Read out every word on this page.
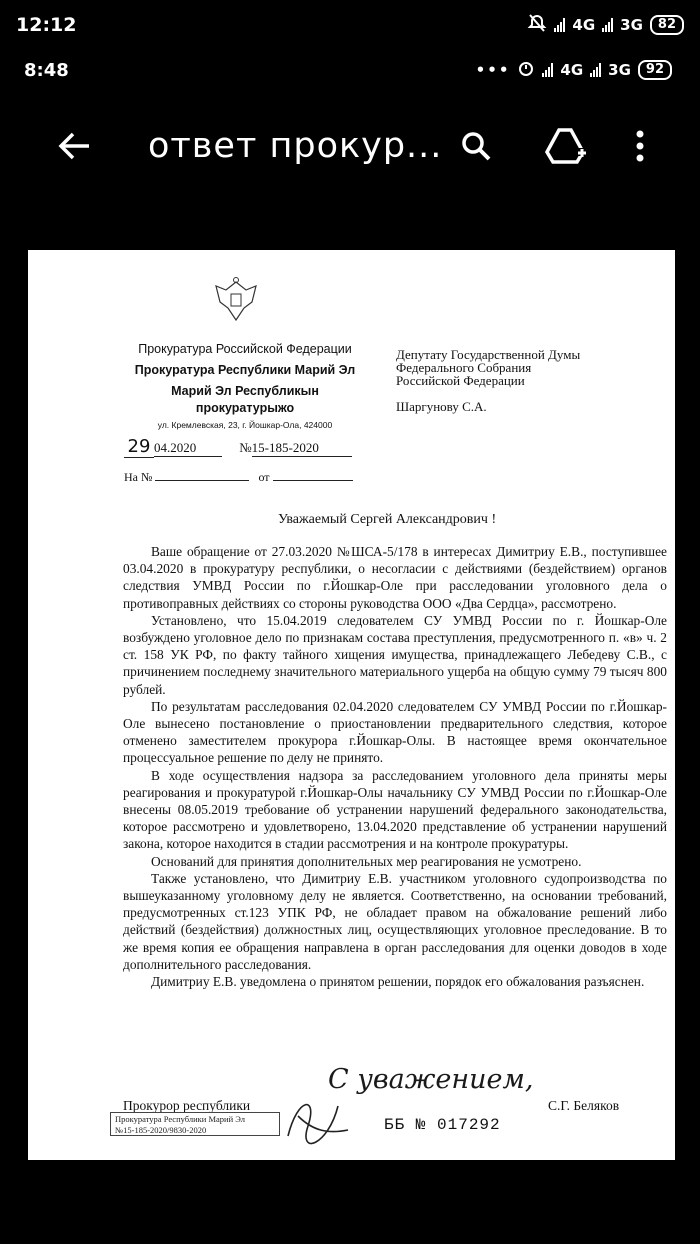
12:12	4G 3G	82
8:48	•••	4G 3G	92
ответ прокур...
Прокуратура Российской Федерации
Прокуратура Республики Марий Эл
Марий Эл Республикын
прокуратурыжо
ул. Кремлевская, 23, г. Йошкар-Ола, 424000
29 04.2020	№15-185-2020
На №	от
Депутату Государственной Думы
Федерального Собрания
Российской Федерации
Шаргунову С.А.
Уважаемый Сергей Александрович !

Ваше обращение от 27.03.2020 №ШСА-5/178 в интересах Димитриу Е.В., поступившее 03.04.2020 в прокуратуру республики, о несогласии с действиями (бездействием) органов следствия УМВД России по г.Йошкар-Оле при расследовании уголовного дела о противоправных действиях со стороны руководства ООО «Два Сердца», рассмотрено.

Установлено, что 15.04.2019 следователем СУ УМВД России по г. Йошкар-Оле возбуждено уголовное дело по признакам состава преступления, предусмотренного п. «в» ч. 2 ст. 158 УК РФ, по факту тайного хищения имущества, принадлежащего Лебедеву С.В., с причинением последнему значительного материального ущерба на общую сумму 79 тысяч 800 рублей.

По результатам расследования 02.04.2020 следователем СУ УМВД России по г.Йошкар-Оле вынесено постановление о приостановлении предварительного следствия, которое отменено заместителем прокурора г.Йошкар-Олы. В настоящее время окончательное процессуальное решение по делу не принято.

В ходе осуществления надзора за расследованием уголовного дела приняты меры реагирования и прокуратурой г.Йошкар-Олы начальнику СУ УМВД России по г.Йошкар-Оле внесены 08.05.2019 требование об устранении нарушений федерального законодательства, которое рассмотрено и удовлетворено, 13.04.2020 представление об устранении нарушений закона, которое находится в стадии рассмотрения и на контроле прокуратуры.

Оснований для принятия дополнительных мер реагирования не усмотрено.

Также установлено, что Димитриу Е.В. участником уголовного судопроизводства по вышеуказанному уголовному делу не является. Соответственно, на основании требований, предусмотренных ст.123 УПК РФ, не обладает правом на обжалование решений либо действий (бездействия) должностных лиц, осуществляющих уголовное преследование. В то же время копия ее обращения направлена в орган расследования для оценки доводов в ходе дополнительного расследования.

Димитриу Е.В. уведомлена о принятом решении, порядок его обжалования разъяснен.

С уважением,
Прокурор республики	С.Г. Беляков
Прокуратура Республики Марий Эл
№15-185-2020/9830-2020	ББ № 017292
